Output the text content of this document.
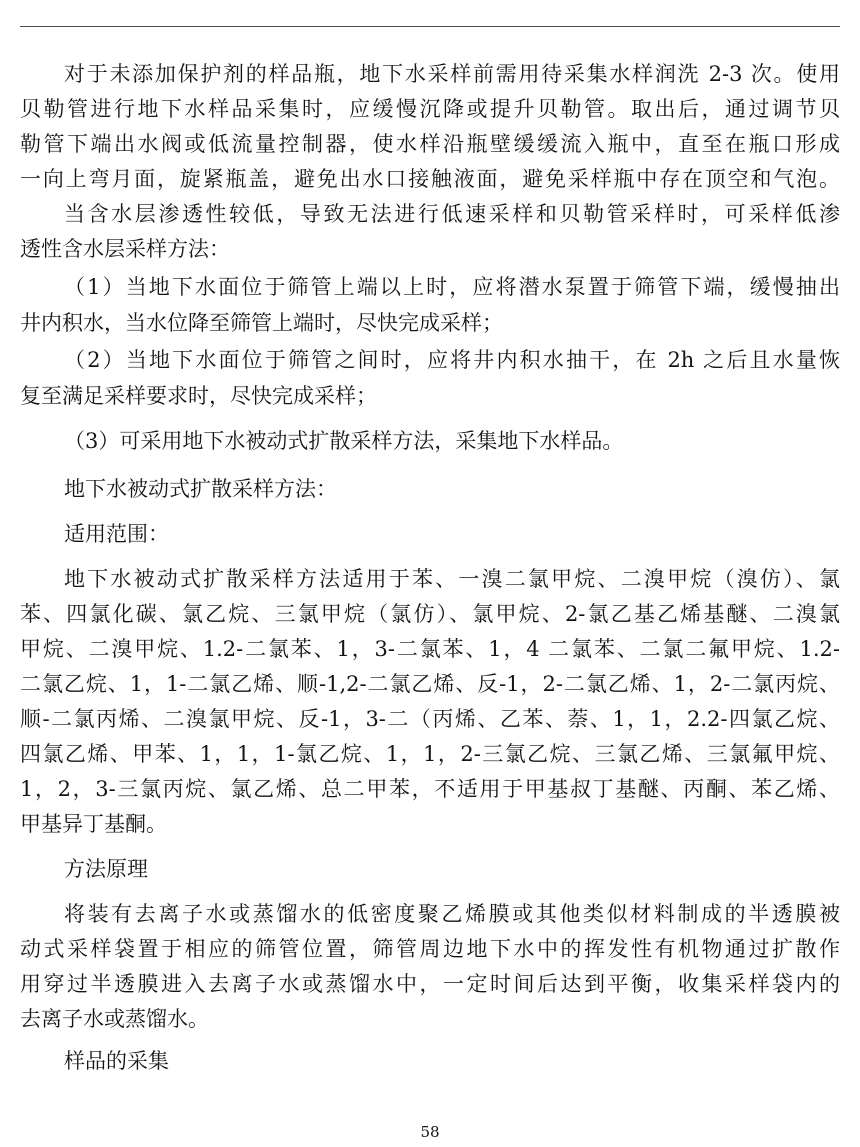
对于未添加保护剂的样品瓶，地下水采样前需用待采集水样润洗 2-3 次。使用
贝勒管进行地下水样品采集时，应缓慢沉降或提升贝勒管。取出后，通过调节贝
勒管下端出水阀或低流量控制器，使水样沿瓶壁缓缓流入瓶中，直至在瓶口形成
一向上弯月面，旋紧瓶盖，避免出水口接触液面，避免采样瓶中存在顶空和气泡。
当含水层渗透性较低，导致无法进行低速采样和贝勒管采样时，可采样低渗
透性含水层采样方法：
（1）当地下水面位于筛管上端以上时，应将潜水泵置于筛管下端，缓慢抽出
井内积水，当水位降至筛管上端时，尽快完成采样；
（2）当地下水面位于筛管之间时，应将井内积水抽干，在 2h 之后且水量恢
复至满足采样要求时，尽快完成采样；
（3）可采用地下水被动式扩散采样方法，采集地下水样品。
地下水被动式扩散采样方法：
适用范围：
地下水被动式扩散采样方法适用于苯、一溴二氯甲烷、二溴甲烷（溴仿）、氯
苯、四氯化碳、氯乙烷、三氯甲烷（氯仿）、氯甲烷、2-氯乙基乙烯基醚、二溴氯
甲烷、二溴甲烷、1.2-二氯苯、1，3-二氯苯、1，4 二氯苯、二氯二氟甲烷、1.2-
二氯乙烷、1，1-二氯乙烯、顺-1,2-二氯乙烯、反-1，2-二氯乙烯、1，2-二氯丙烷、
顺-二氯丙烯、二溴氯甲烷、反-1，3-二（丙烯、乙苯、萘、1，1，2.2-四氯乙烷、
四氯乙烯、甲苯、1，1，1-氯乙烷、1，1，2-三氯乙烷、三氯乙烯、三氯氟甲烷、
1，2，3-三氯丙烷、氯乙烯、总二甲苯，不适用于甲基叔丁基醚、丙酮、苯乙烯、
甲基异丁基酮。
方法原理
将装有去离子水或蒸馏水的低密度聚乙烯膜或其他类似材料制成的半透膜被
动式采样袋置于相应的筛管位置，筛管周边地下水中的挥发性有机物通过扩散作
用穿过半透膜进入去离子水或蒸馏水中，一定时间后达到平衡，收集采样袋内的
去离子水或蒸馏水。
样品的采集
58
